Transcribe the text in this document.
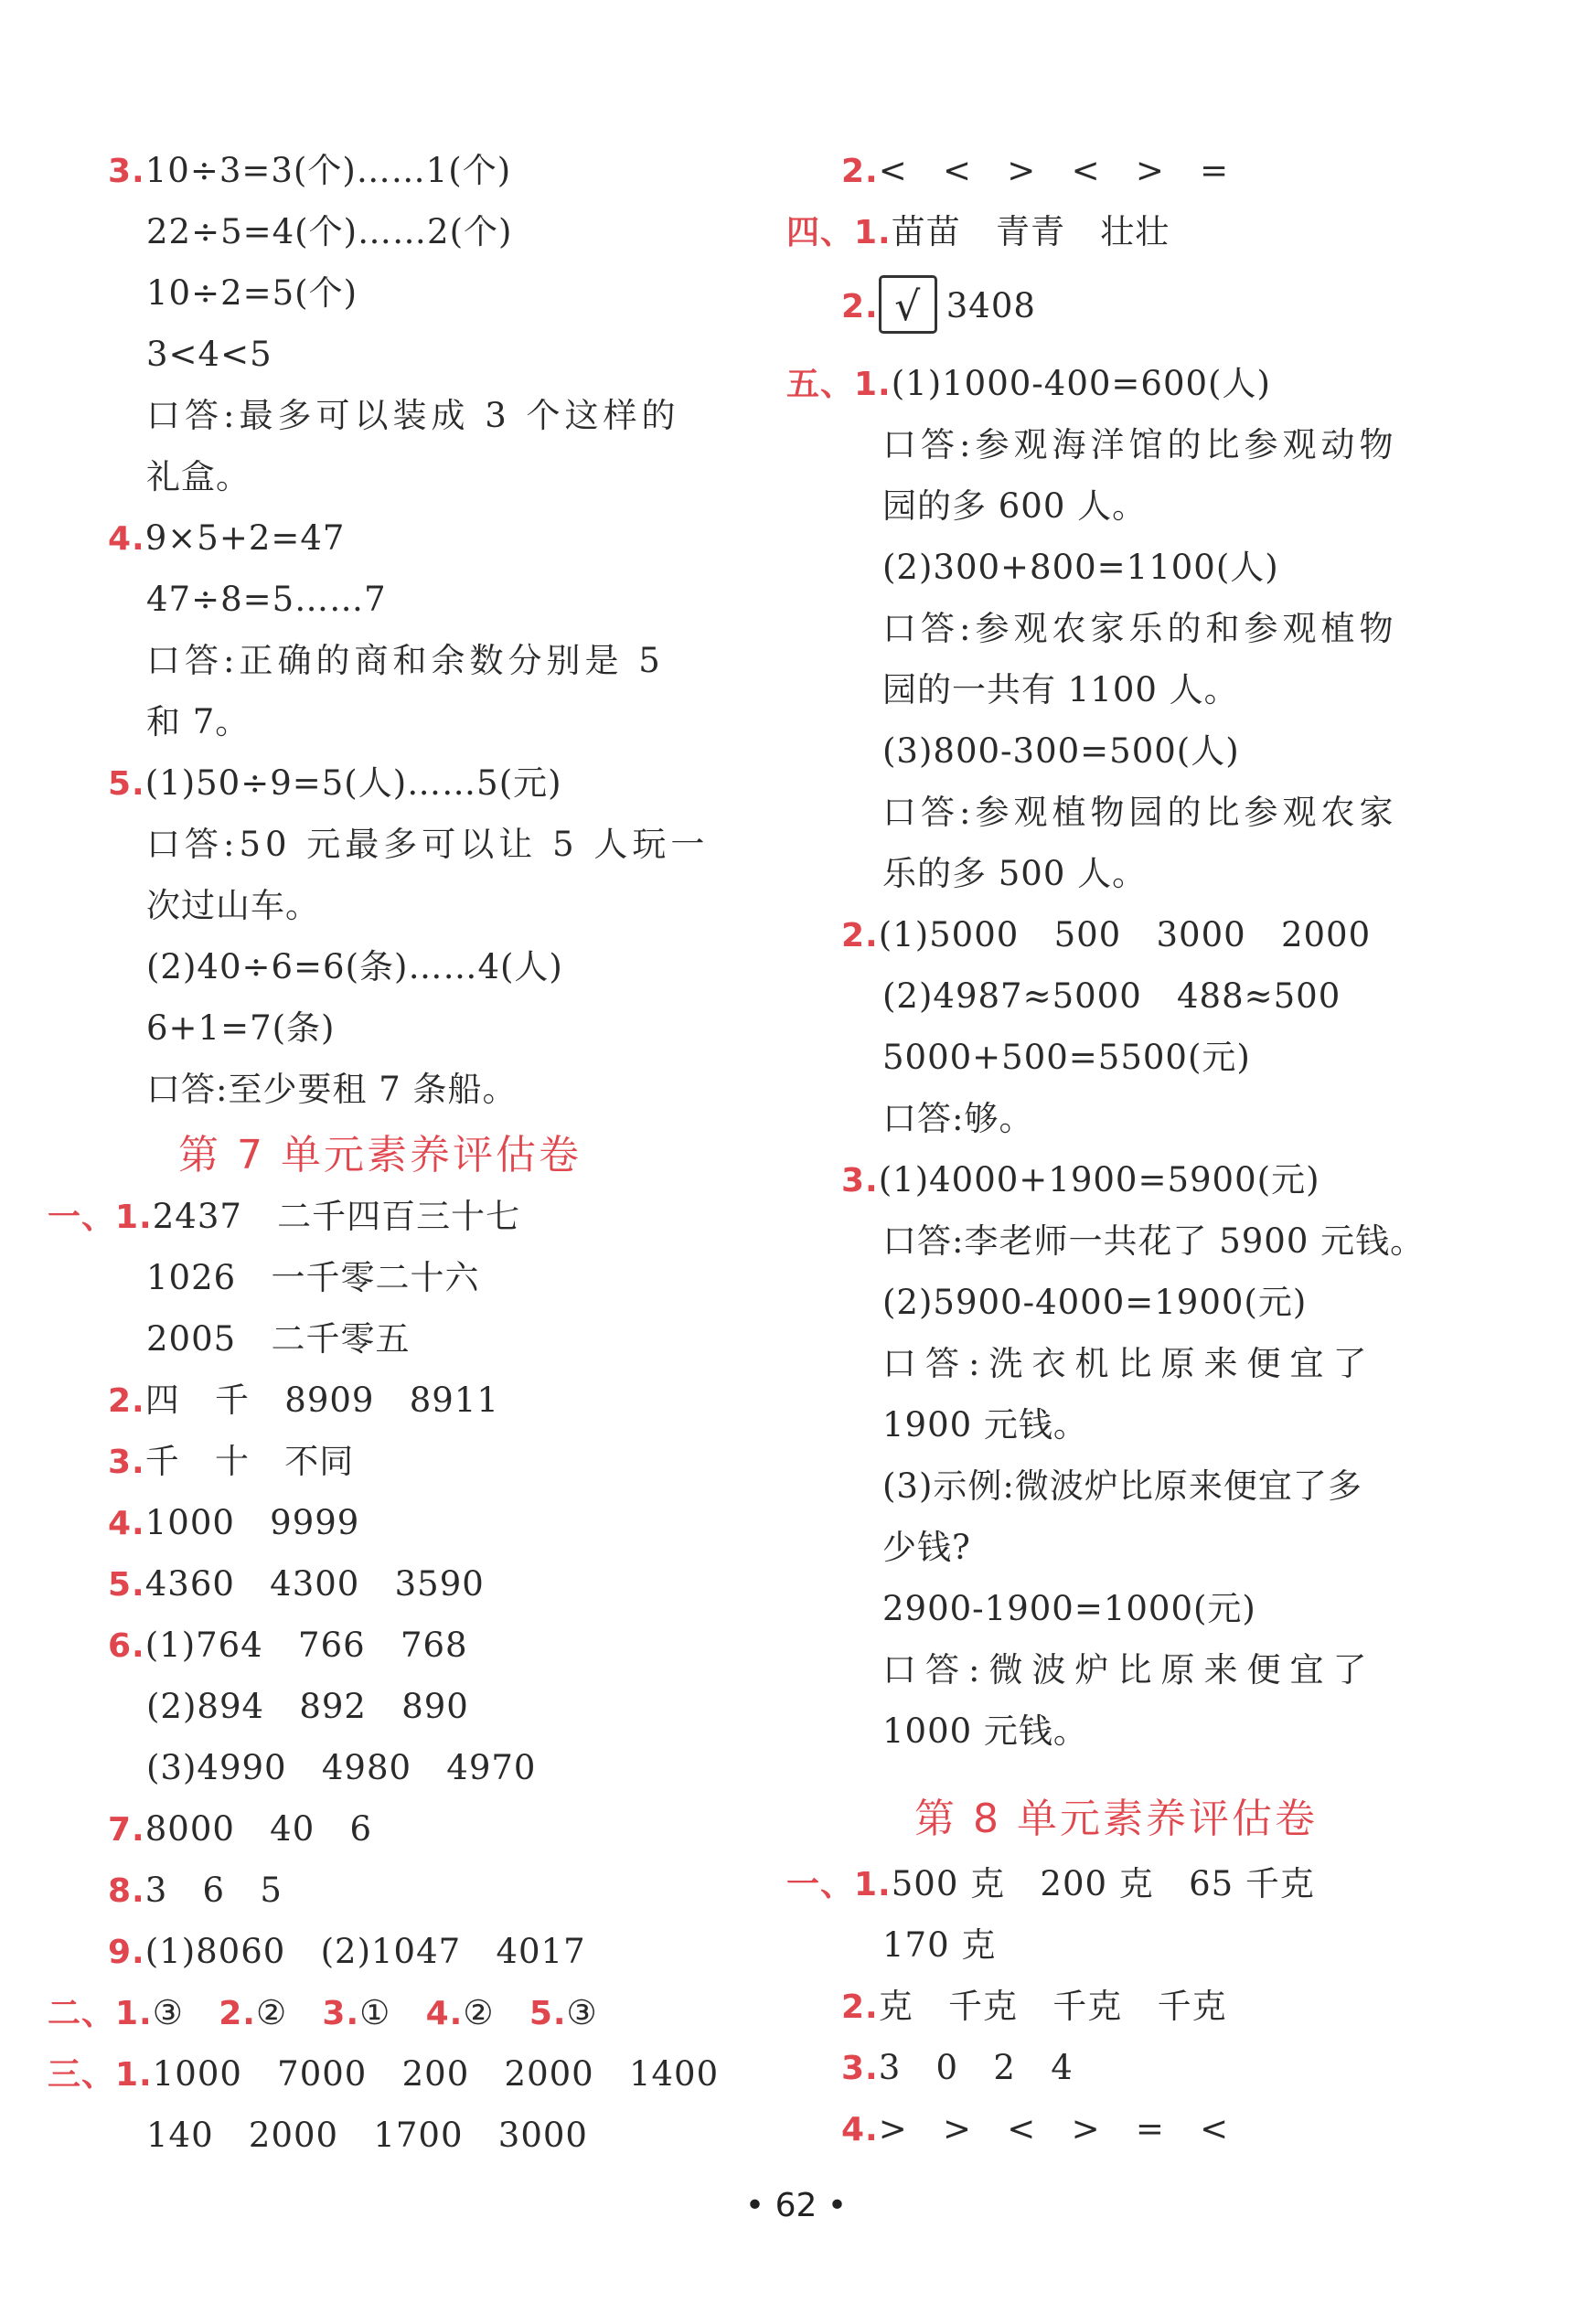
3.10÷3=3(个)……1(个)
22÷5=4(个)……2(个)
10÷2=5(个)
3<4<5
口答:最多可以装成 3 个这样的
礼盒。
4.9×5+2=47
47÷8=5……7
口答:正确的商和余数分别是 5
和 7。
5.(1)50÷9=5(人)……5(元)
口答:50 元最多可以让 5 人玩一
次过山车。
(2)40÷6=6(条)……4(人)
6+1=7(条)
口答:至少要租 7 条船。
第 7 单元素养评估卷
一、1.2437   二千四百三十七
1026   一千零二十六
2005   二千零五
2.四   千   8909   8911
3.千   十   不同
4.1000   9999
5.4360   4300   3590
6.(1)764   766   768
(2)894   892   890
(3)4990   4980   4970
7.8000   40   6
8.3   6   5
9.(1)8060   (2)1047   4017
二、1.③ 2.② 3.① 4.② 5.③
三、1.1000   7000   200   2000   1400
140   2000   1700   3000
2.<   <   >   <   >   =
四、1.苗苗   青青   壮壮
2. √ 3408
五、1.(1)1000-400=600(人)
口答:参观海洋馆的比参观动物
园的多 600 人。
(2)300+800=1100(人)
口答:参观农家乐的和参观植物
园的一共有 1100 人。
(3)800-300=500(人)
口答:参观植物园的比参观农家
乐的多 500 人。
2.(1)5000   500   3000   2000
(2)4987≈5000   488≈500
5000+500=5500(元)
口答:够。
3.(1)4000+1900=5900(元)
口答:李老师一共花了 5900 元钱。
(2)5900-4000=1900(元)
口答:洗衣机比原来便宜了
1900 元钱。
(3)示例:微波炉比原来便宜了多
少钱?
2900-1900=1000(元)
口答:微波炉比原来便宜了
1000 元钱。
第 8 单元素养评估卷
一、1.500 克   200 克   65 千克
170 克
2.克   千克   千克   千克
3.3   0   2   4
4.>   >   <   >   =   <
• 62 •
